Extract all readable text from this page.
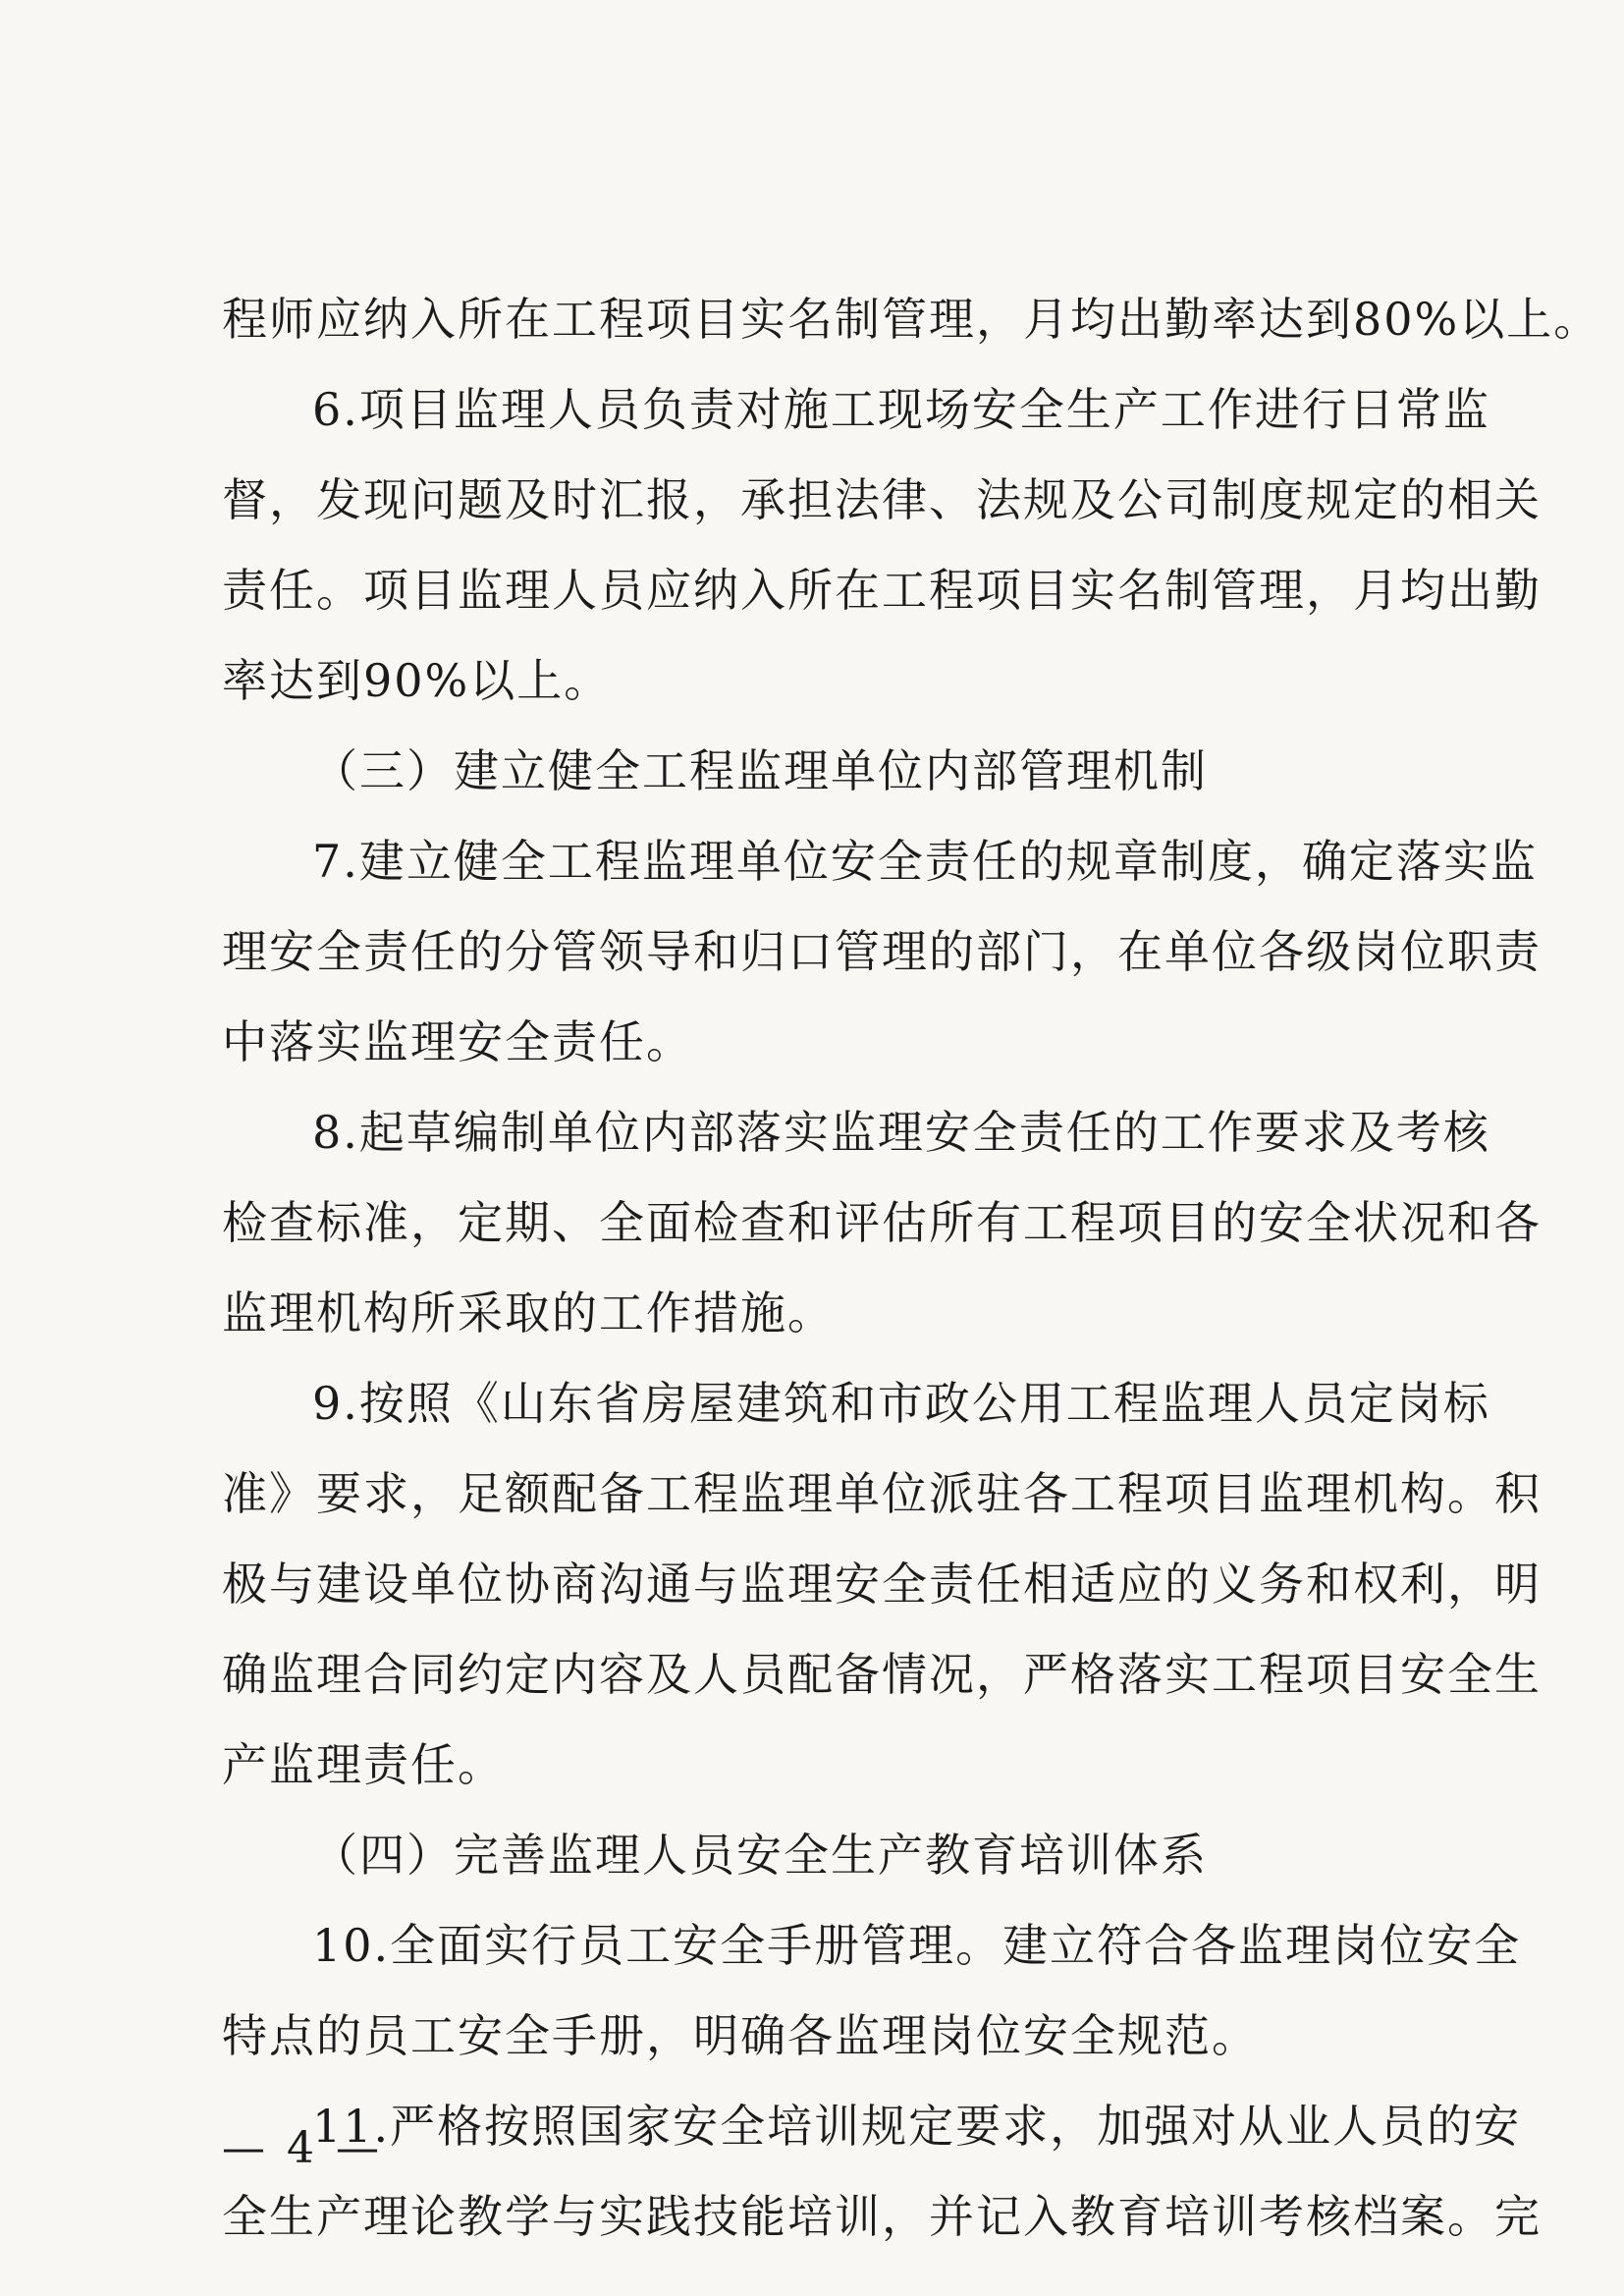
程师应纳入所在工程项目实名制管理，月均出勤率达到80%以上。
6.项目监理人员负责对施工现场安全生产工作进行日常监
督，发现问题及时汇报，承担法律、法规及公司制度规定的相关
责任。项目监理人员应纳入所在工程项目实名制管理，月均出勤
率达到90%以上。
（三）建立健全工程监理单位内部管理机制
7.建立健全工程监理单位安全责任的规章制度，确定落实监
理安全责任的分管领导和归口管理的部门，在单位各级岗位职责
中落实监理安全责任。
8.起草编制单位内部落实监理安全责任的工作要求及考核
检查标准，定期、全面检查和评估所有工程项目的安全状况和各
监理机构所采取的工作措施。
9.按照《山东省房屋建筑和市政公用工程监理人员定岗标
准》要求，足额配备工程监理单位派驻各工程项目监理机构。积
极与建设单位协商沟通与监理安全责任相适应的义务和权利，明
确监理合同约定内容及人员配备情况，严格落实工程项目安全生
产监理责任。
（四）完善监理人员安全生产教育培训体系
10.全面实行员工安全手册管理。建立符合各监理岗位安全
特点的员工安全手册，明确各监理岗位安全规范。
11.严格按照国家安全培训规定要求，加强对从业人员的安
全生产理论教学与实践技能培训，并记入教育培训考核档案。完
— 4 —
